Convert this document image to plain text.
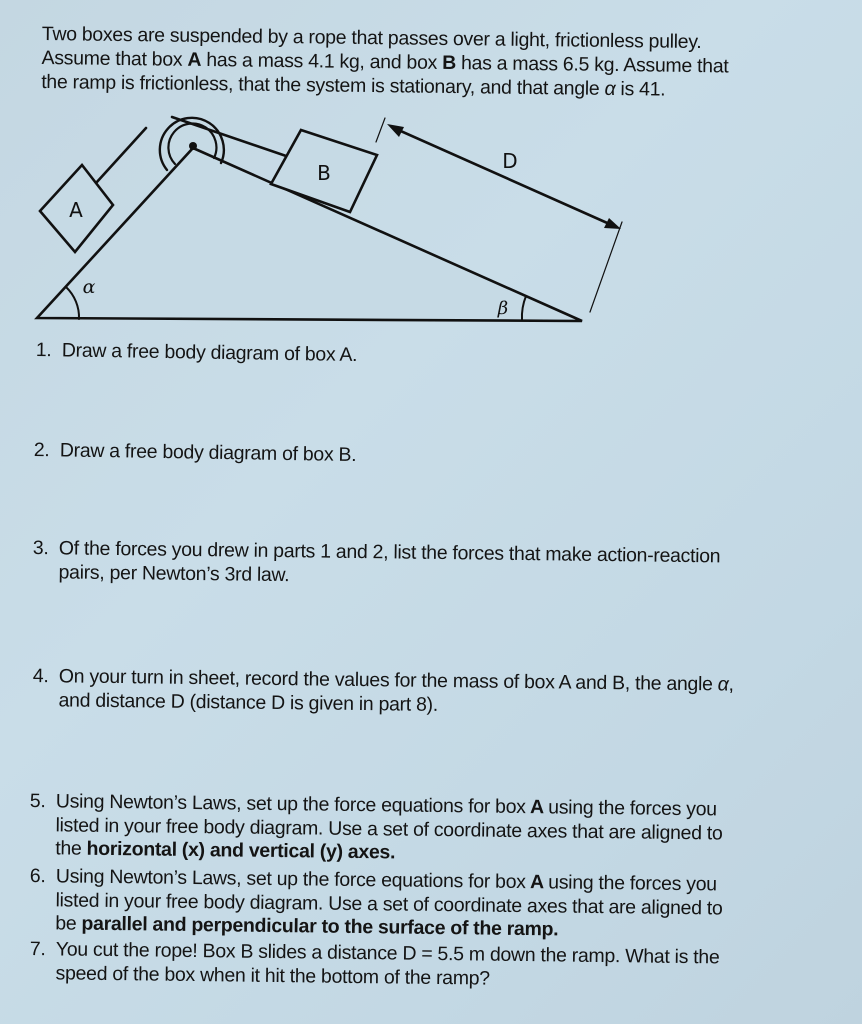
Two boxes are suspended by a rope that passes over a light, frictionless pulley.

Assume that box A has a mass 4.1 kg, and box B has a mass 6.5 kg. Assume that

the ramp is frictionless, that the system is stationary, and that angle α is 41.

A
B	D
α
β
1. Draw a free body diagram of box A.

2. Draw a free body diagram of box B.

3. Of the forces you drew in parts 1 and 2, list the forces that make action-reaction

pairs, per Newton’s 3rd law.

4. On your turn in sheet, record the values for the mass of box A and B, the angle α,

and distance D (distance D is given in part 8).

5. Using Newton’s Laws, set up the force equations for box A using the forces you

listed in your free body diagram. Use a set of coordinate axes that are aligned to

the horizontal (x) and vertical (y) axes.

6. Using Newton’s Laws, set up the force equations for box A using the forces you

listed in your free body diagram. Use a set of coordinate axes that are aligned to

be parallel and perpendicular to the surface of the ramp.

7. You cut the rope! Box B slides a distance D = 5.5 m down the ramp. What is the

speed of the box when it hit the bottom of the ramp?
